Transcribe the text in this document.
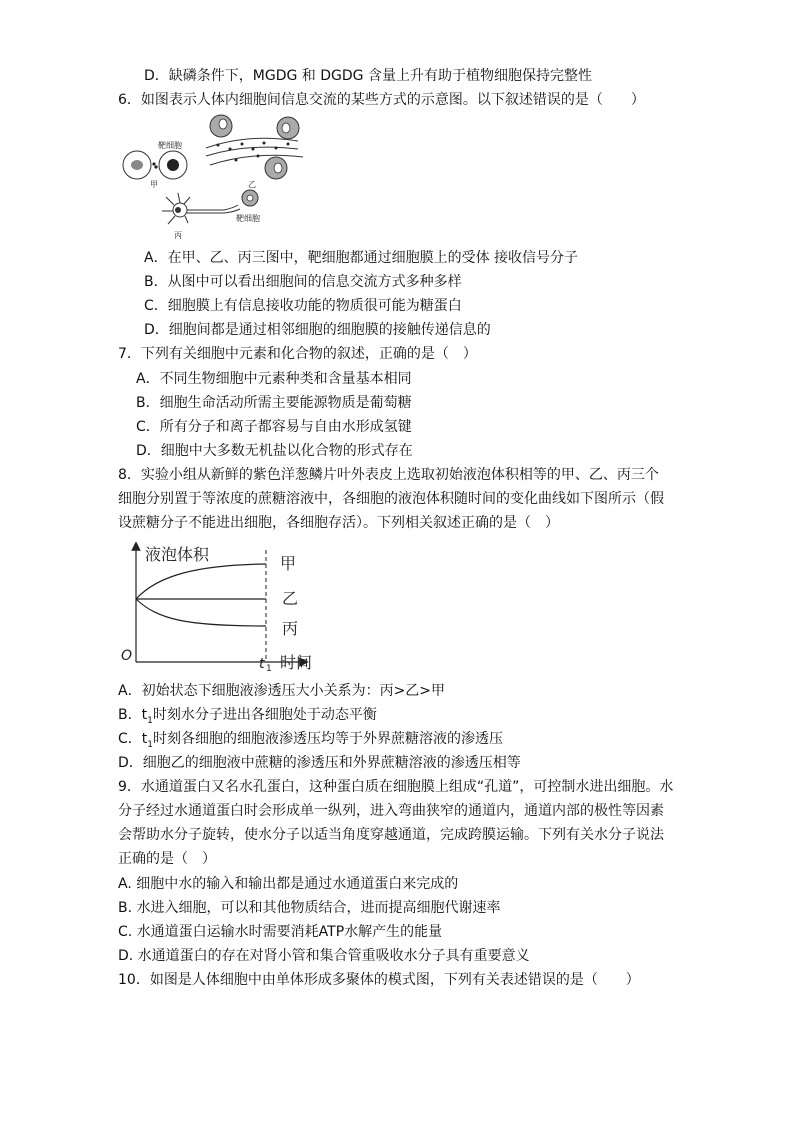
D．缺磷条件下，MGDG 和 DGDG 含量上升有助于植物细胞保持完整性
6．如图表示人体内细胞间信息交流的某些方式的示意图。以下叙述错误的是（　　）
靶细胞
甲	乙
靶细胞
丙
A．在甲、乙、丙三图中，靶细胞都通过细胞膜上的受体 接收信号分子
B．从图中可以看出细胞间的信息交流方式多种多样
C．细胞膜上有信息接收功能的物质很可能为糖蛋白
D．细胞间都是通过相邻细胞的细胞膜的接触传递信息的
7．下列有关细胞中元素和化合物的叙述，正确的是（　）
A．不同生物细胞中元素种类和含量基本相同
B．细胞生命活动所需主要能源物质是葡萄糖
C．所有分子和离子都容易与自由水形成氢键
D．细胞中大多数无机盐以化合物的形式存在
8．实验小组从新鲜的紫色洋葱鳞片叶外表皮上选取初始液泡体积相等的甲、乙、丙三个
细胞分别置于等浓度的蔗糖溶液中，各细胞的液泡体积随时间的变化曲线如下图所示（假
设蔗糖分子不能进出细胞，各细胞存活）。下列相关叙述正确的是（　）
液泡体积
O
甲
乙
丙
t 1 时间
A．初始状态下细胞液渗透压大小关系为：丙>乙>甲
B．$t_1$时刻水分子进出各细胞处于动态平衡
C．$t_1$时刻各细胞的细胞液渗透压均等于外界蔗糖溶液的渗透压
D．细胞乙的细胞液中蔗糖的渗透压和外界蔗糖溶液的渗透压相等
9．水通道蛋白又名水孔蛋白，这种蛋白质在细胞膜上组成“孔道”，可控制水进出细胞。水
分子经过水通道蛋白时会形成单一纵列，进入弯曲狭窄的通道内，通道内部的极性等因素
会帮助水分子旋转，使水分子以适当角度穿越通道，完成跨膜运输。下列有关水分子说法
正确的是（　）
A. 细胞中水的输入和输出都是通过水通道蛋白来完成的
B. 水进入细胞，可以和其他物质结合，进而提高细胞代谢速率
C. 水通道蛋白运输水时需要消耗ATP水解产生的能量
D. 水通道蛋白的存在对肾小管和集合管重吸收水分子具有重要意义
10．如图是人体细胞中由单体形成多聚体的模式图，下列有关表述错误的是（　　）
